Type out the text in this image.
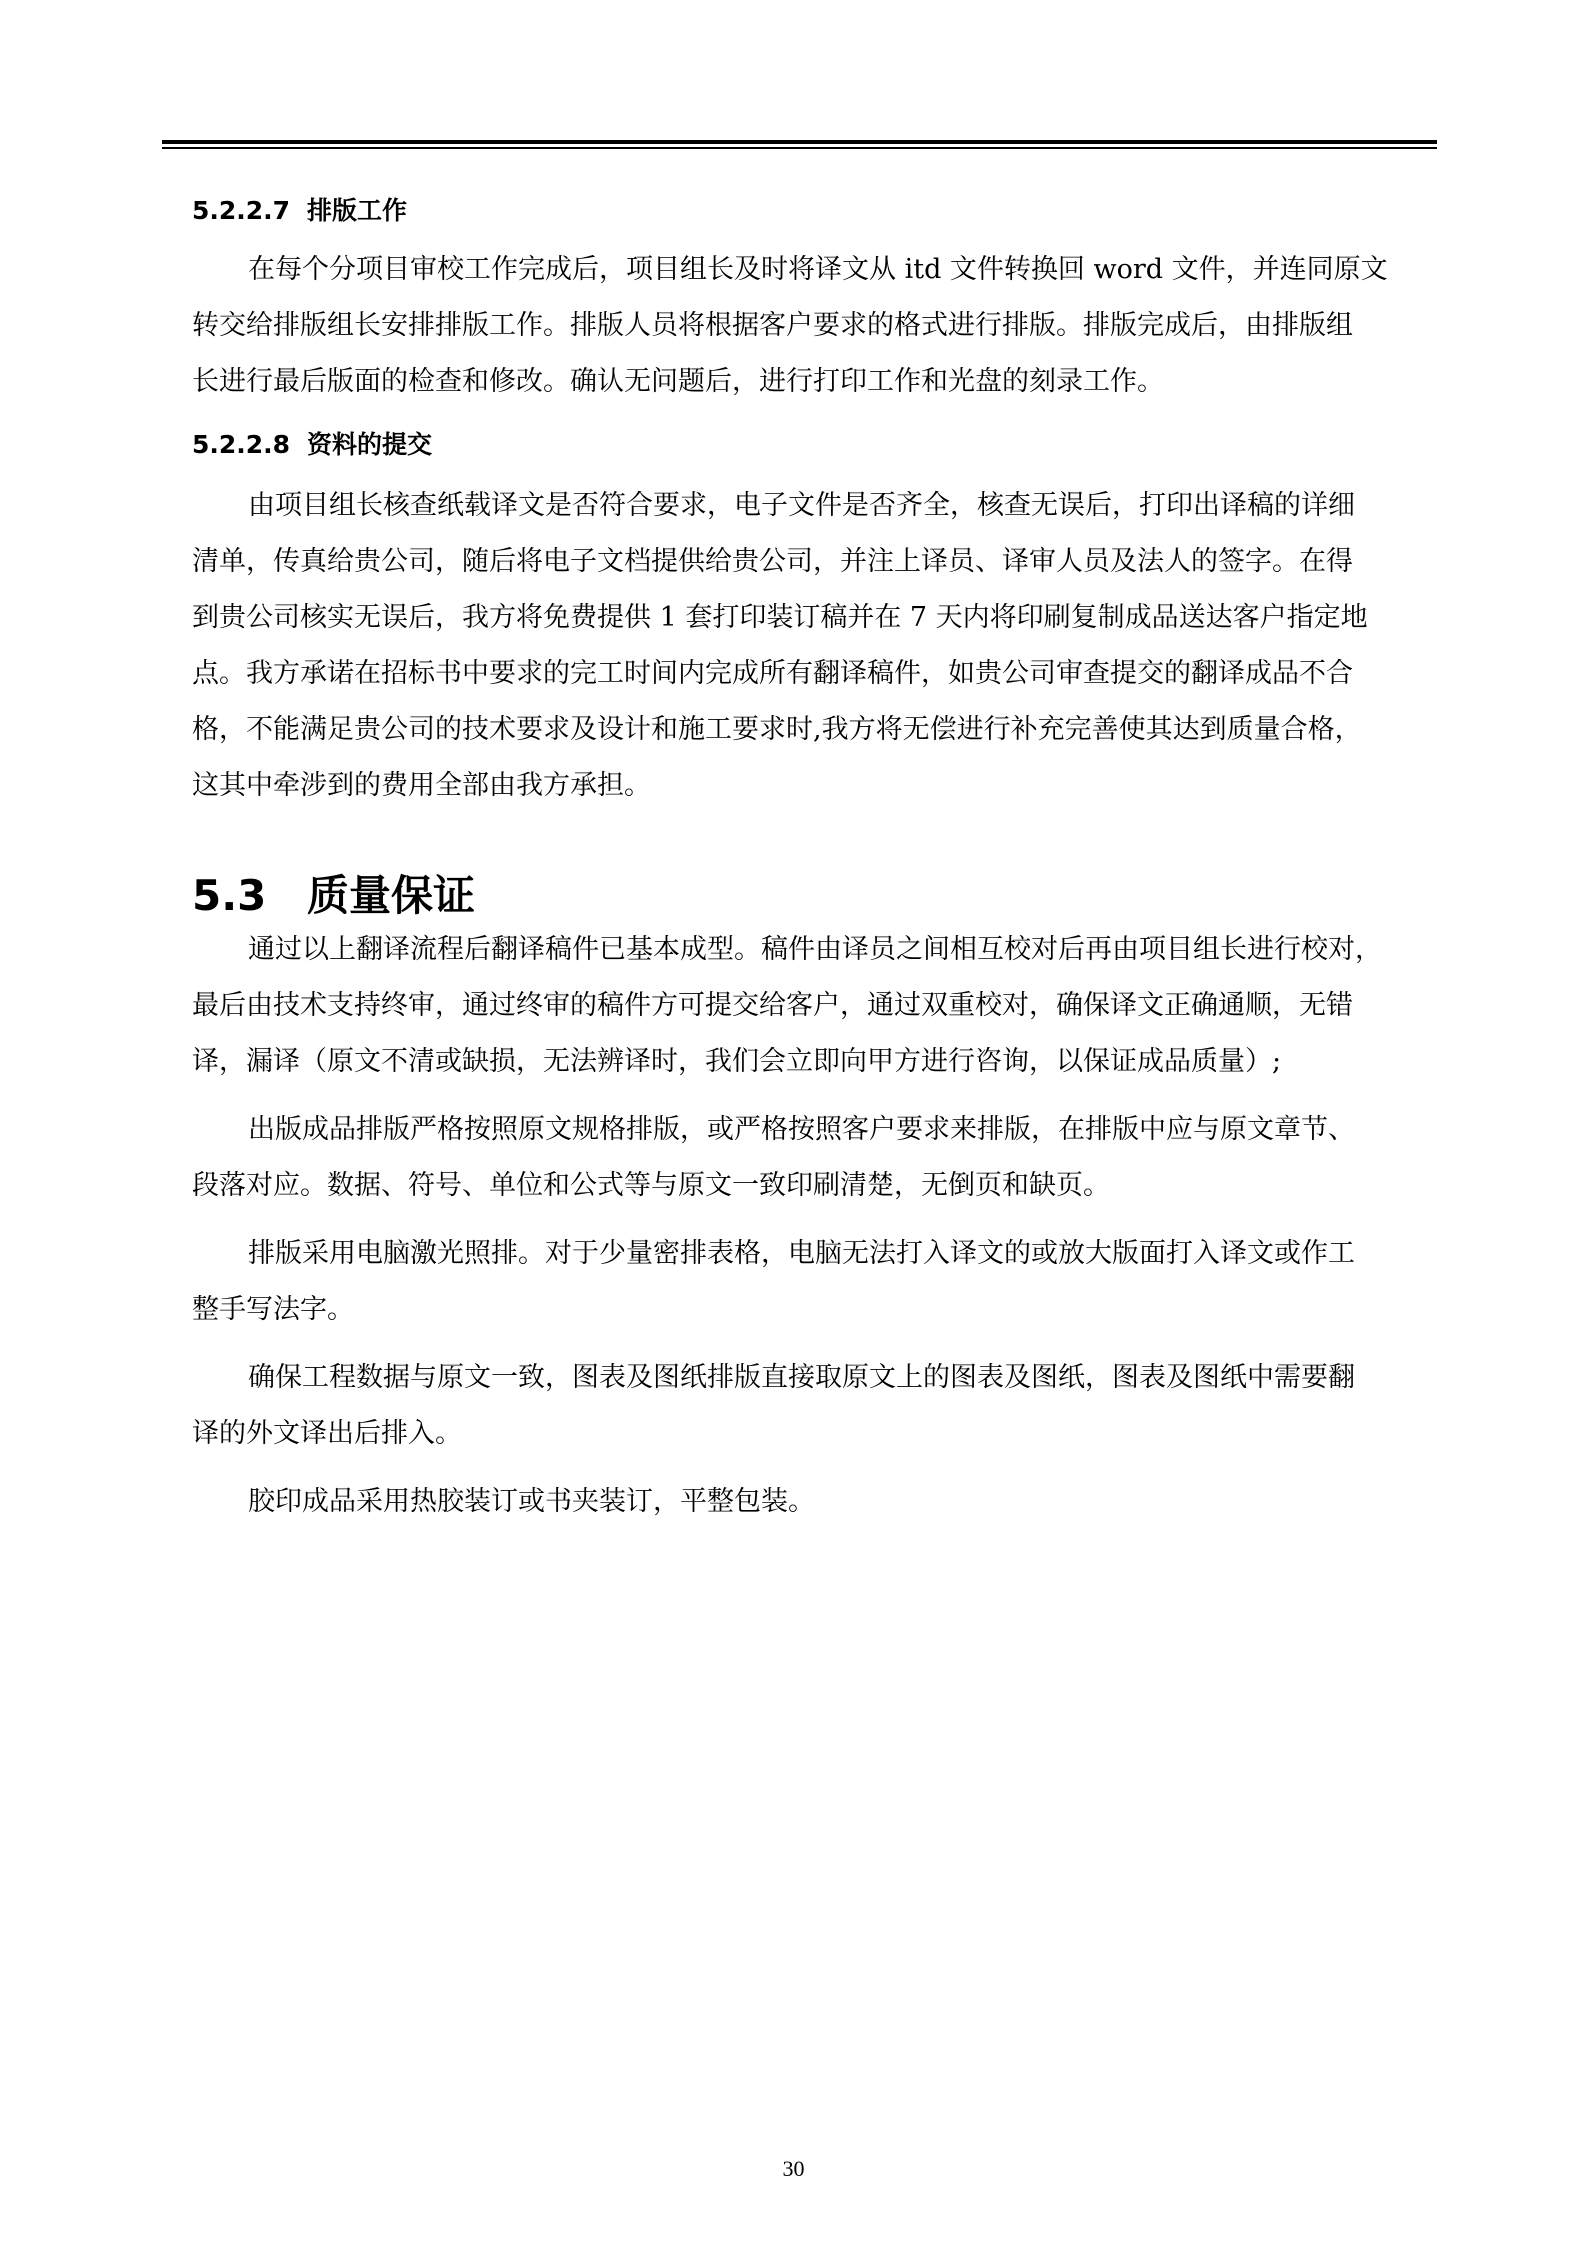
5.2.2.7 排版工作
在每个分项目审校工作完成后，项目组长及时将译文从 itd 文件转换回 word 文件，并连同原文
转交给排版组长安排排版工作。排版人员将根据客户要求的格式进行排版。排版完成后，由排版组
长进行最后版面的检查和修改。确认无问题后，进行打印工作和光盘的刻录工作。
5.2.2.8 资料的提交
由项目组长核查纸载译文是否符合要求，电子文件是否齐全，核查无误后，打印出译稿的详细
清单，传真给贵公司，随后将电子文档提供给贵公司，并注上译员、译审人员及法人的签字。在得
到贵公司核实无误后，我方将免费提供 1 套打印装订稿并在 7 天内将印刷复制成品送达客户指定地
点。我方承诺在招标书中要求的完工时间内完成所有翻译稿件，如贵公司审查提交的翻译成品不合
格，不能满足贵公司的技术要求及设计和施工要求时,我方将无偿进行补充完善使其达到质量合格，
这其中牵涉到的费用全部由我方承担。
5.3 质量保证
通过以上翻译流程后翻译稿件已基本成型。稿件由译员之间相互校对后再由项目组长进行校对，
最后由技术支持终审，通过终审的稿件方可提交给客户，通过双重校对，确保译文正确通顺，无错
译，漏译（原文不清或缺损，无法辨译时，我们会立即向甲方进行咨询，以保证成品质量）;
出版成品排版严格按照原文规格排版，或严格按照客户要求来排版，在排版中应与原文章节、
段落对应。数据、符号、单位和公式等与原文一致印刷清楚，无倒页和缺页。
排版采用电脑激光照排。对于少量密排表格，电脑无法打入译文的或放大版面打入译文或作工
整手写法字。
确保工程数据与原文一致，图表及图纸排版直接取原文上的图表及图纸，图表及图纸中需要翻
译的外文译出后排入。
胶印成品采用热胶装订或书夹装订，平整包装。
30
